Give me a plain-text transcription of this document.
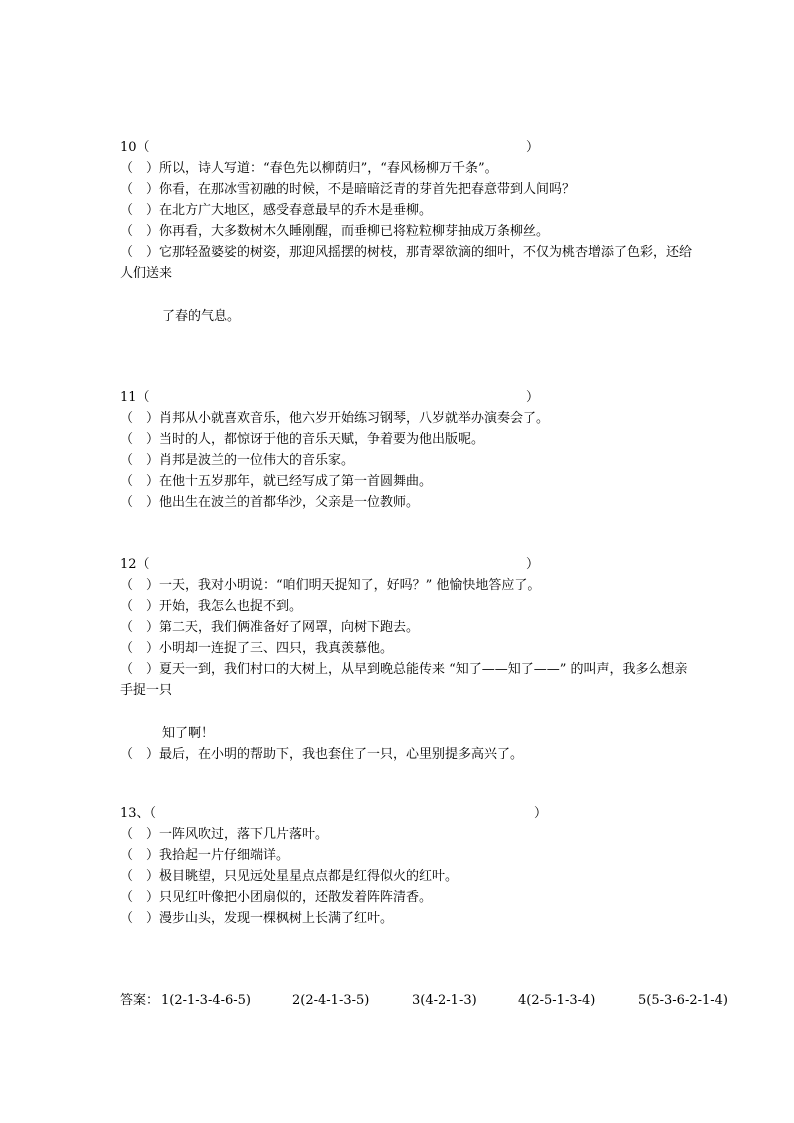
10（	）
（　）所以，诗人写道：“春色先以柳荫归”，“春风杨柳万千条”。
（　）你看，在那冰雪初融的时候，不是暗暗泛青的芽首先把春意带到人间吗？
（　）在北方广大地区，感受春意最早的乔木是垂柳。
（　）你再看，大多数树木久睡刚醒，而垂柳已将粒粒柳芽抽成万条柳丝。
（　）它那轻盈婆娑的树姿，那迎风摇摆的树枝，那青翠欲滴的细叶，不仅为桃杏增添了色彩，还给人们送来
了春的气息。
11（	）
（　）肖邦从小就喜欢音乐，他六岁开始练习钢琴，八岁就举办演奏会了。
（　）当时的人，都惊讶于他的音乐天赋，争着要为他出版呢。
（　）肖邦是波兰的一位伟大的音乐家。
（　）在他十五岁那年，就已经写成了第一首圆舞曲。
（　）他出生在波兰的首都华沙，父亲是一位教师。
12（	）
（　）一天，我对小明说：“咱们明天捉知了，好吗？” 他愉快地答应了。
（　）开始，我怎么也捉不到。
（　）第二天，我们俩准备好了网罩，向树下跑去。
（　）小明却一连捉了三、四只，我真羡慕他。
（　）夏天一到，我们村口的大树上，从早到晚总能传来 “知了——知了——” 的叫声，我多么想亲手捉一只
知了啊！
（　）最后，在小明的帮助下，我也套住了一只，心里别提多高兴了。
13、（	）
（　）一阵风吹过，落下几片落叶。
（　）我拾起一片仔细端详。
（　）极目眺望，只见远处星星点点都是红得似火的红叶。
（　）只见红叶像把小团扇似的，还散发着阵阵清香。
（　）漫步山头，发现一棵枫树上长满了红叶。
答案： 1(2-1-3-4-6-5)	2(2-4-1-3-5)	3(4-2-1-3)	4(2-5-1-3-4)	5(5-3-6-2-1-4)
